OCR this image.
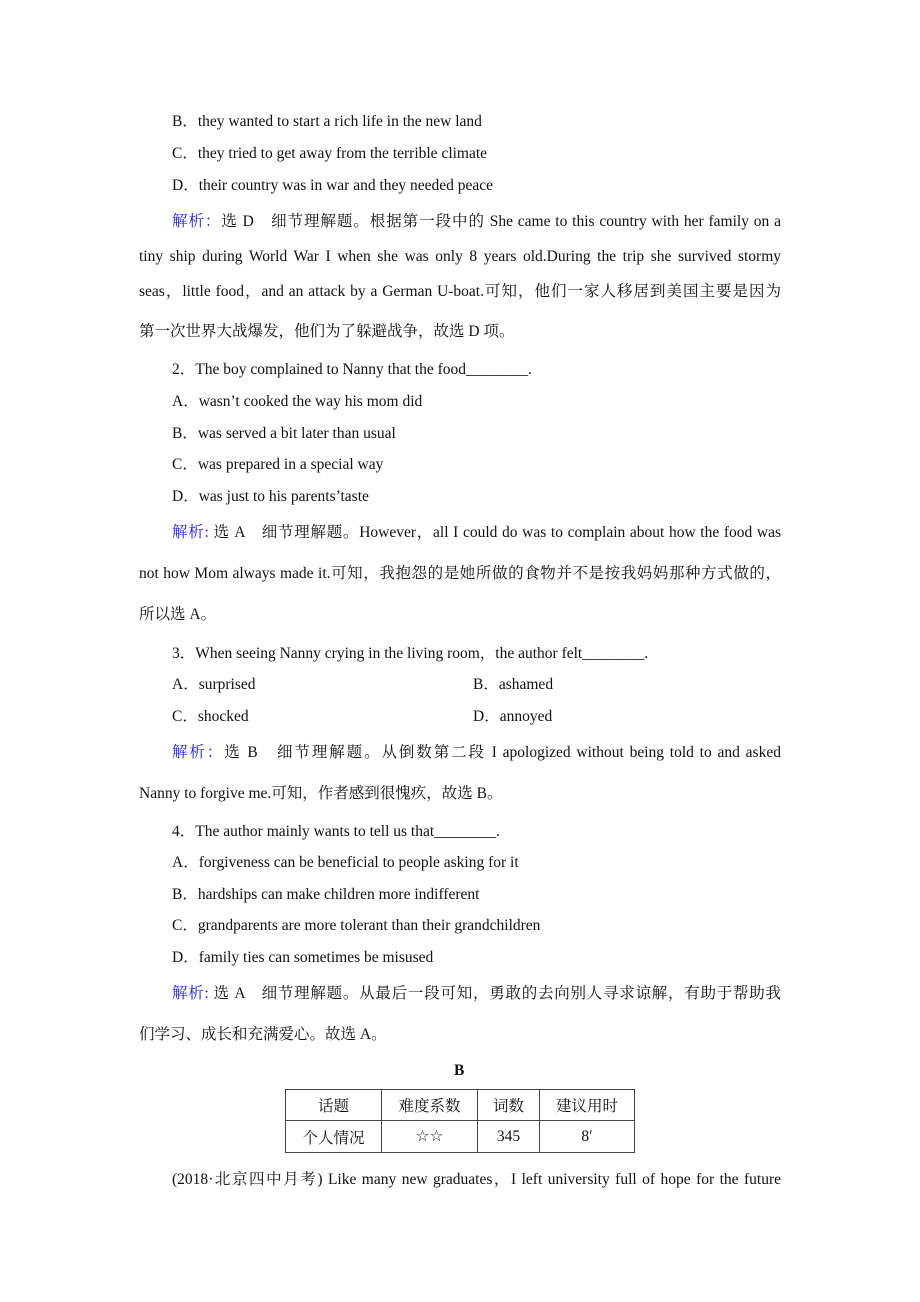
B．they wanted to start a rich life in the new land
C．they tried to get away from the terrible climate
D．their country was in war and they needed peace
解析：选 D　细节理解题。根据第一段中的 She came to this country with her family on a
tiny ship during World War I when she was only 8 years old.During the trip she survived stormy
seas，little food，and an attack by a German U-boat.可知，他们一家人移居到美国主要是因为
第一次世界大战爆发，他们为了躲避战争，故选 D 项。
2．The boy complained to Nanny that the food________.
A．wasn’t cooked the way his mom did
B．was served a bit later than usual
C．was prepared in a special way
D．was just to his parents’taste
解析: 选 A　细节理解题。However，all I could do was to complain about how the food was
not how Mom always made it.可知，我抱怨的是她所做的食物并不是按我妈妈那种方式做的，
所以选 A。
3．When seeing Nanny crying in the living room，the author felt________.
A．surprised	B．ashamed
C．shocked	D．annoyed
解析：选 B　细节理解题。从倒数第二段 I apologized without being told to and asked
Nanny to forgive me.可知，作者感到很愧疚，故选 B。
4．The author mainly wants to tell us that________.
A．forgiveness can be beneficial to people asking for it
B．hardships can make children more indifferent
C．grandparents are more tolerant than their grandchildren
D．family ties can sometimes be misused
解析: 选 A　细节理解题。从最后一段可知，勇敢的去向别人寻求谅解，有助于帮助我
们学习、成长和充满爱心。故选 A。
B
话题	难度系数	词数	建议用时
个人情况	☆☆	345	8′
(2018·北京四中月考) Like many new graduates，I left university full of hope for the future
